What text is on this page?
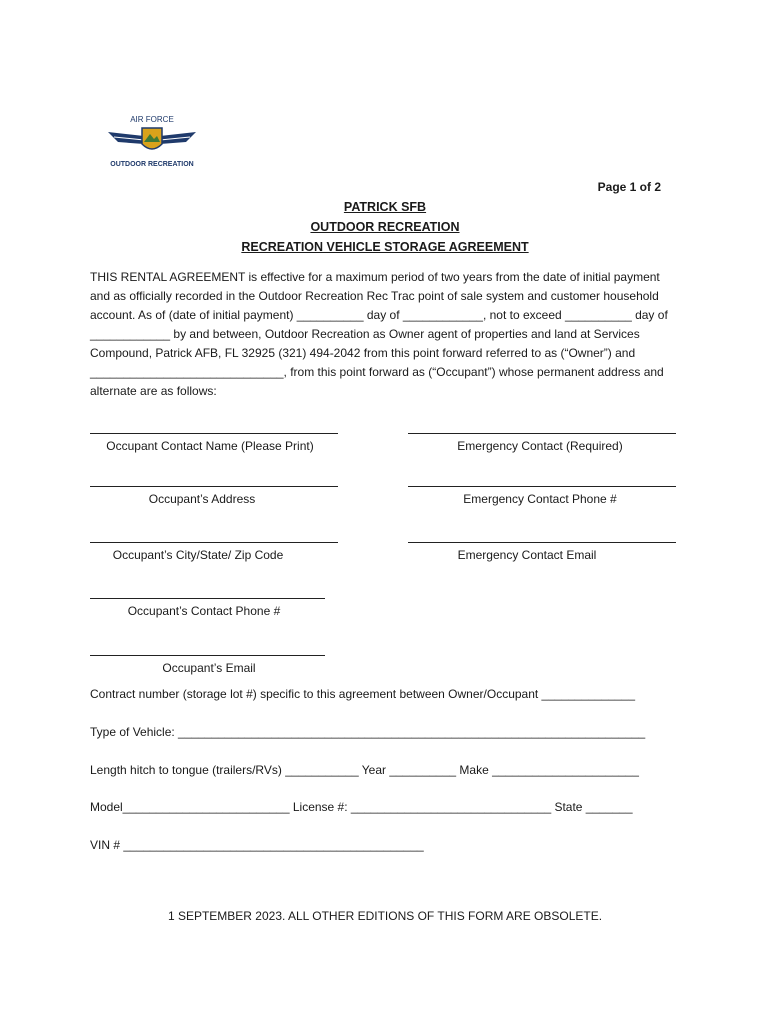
AIR FORCE
OUTDOOR RECREATION
Page 1 of 2
PATRICK SFB
OUTDOOR RECREATION
RECREATION VEHICLE STORAGE AGREEMENT
THIS RENTAL AGREEMENT is effective for a maximum period of two years from the date of initial payment and as officially recorded in the Outdoor Recreation Rec Trac point of sale system and customer household account. As of (date of initial payment) __________ day of ____________, not to exceed __________ day of ____________ by and between, Outdoor Recreation as Owner agent of properties and land at Services Compound, Patrick AFB, FL 32925 (321) 494-2042 from this point forward referred to as (“Owner”) and _____________________________, from this point forward as (“Occupant”) whose permanent address and alternate are as follows:
Occupant Contact Name (Please Print)
Occupant’s Address
Occupant’s City/State/ Zip Code
Occupant’s Contact Phone #
Occupant’s Email
Emergency Contact (Required)
Emergency Contact Phone #
Emergency Contact Email
Contract number (storage lot #) specific to this agreement between Owner/Occupant ______________
Type of Vehicle: ______________________________________________________________________
Length hitch to tongue (trailers/RVs) ___________ Year __________ Make ______________________
Model_________________________ License #: ______________________________ State _______
VIN # _____________________________________________
1 SEPTEMBER 2023. ALL OTHER EDITIONS OF THIS FORM ARE OBSOLETE.
